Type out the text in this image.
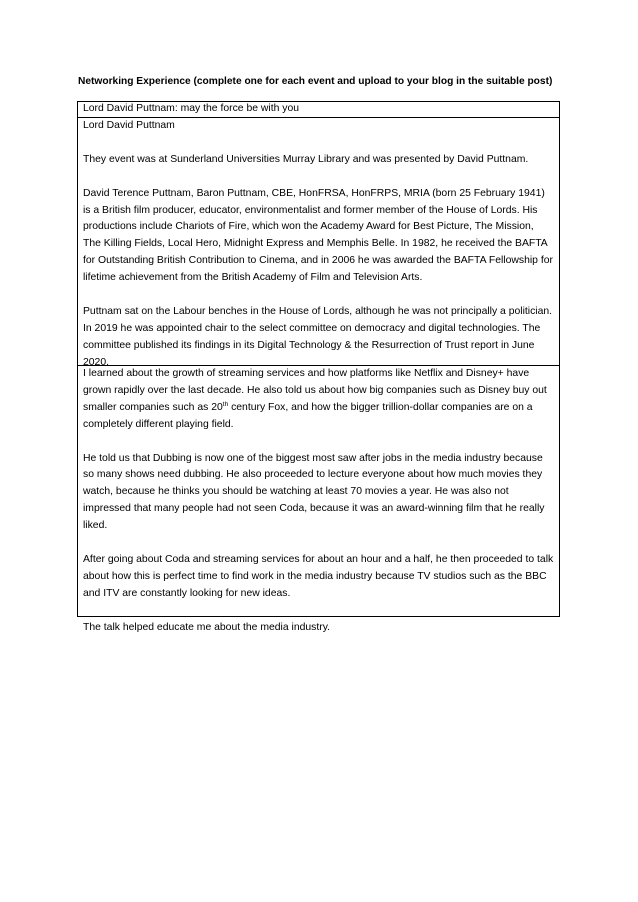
Networking Experience (complete one for each event and upload to your blog in the suitable post)
Lord David Puttnam: may the force be with you

Lord David Puttnam

They event was at Sunderland Universities Murray Library and was presented by David Puttnam.

David Terence Puttnam, Baron Puttnam, CBE, HonFRSA, HonFRPS, MRIA (born 25 February 1941) is a British film producer, educator, environmentalist and former member of the House of Lords. His productions include Chariots of Fire, which won the Academy Award for Best Picture, The Mission, The Killing Fields, Local Hero, Midnight Express and Memphis Belle. In 1982, he received the BAFTA for Outstanding British Contribution to Cinema, and in 2006 he was awarded the BAFTA Fellowship for lifetime achievement from the British Academy of Film and Television Arts.

Puttnam sat on the Labour benches in the House of Lords, although he was not principally a politician. In 2019 he was appointed chair to the select committee on democracy and digital technologies. The committee published its findings in its Digital Technology & the Resurrection of Trust report in June 2020.

I learned about the growth of streaming services and how platforms like Netflix and Disney+ have grown rapidly over the last decade. He also told us about how big companies such as Disney buy out smaller companies such as 20th century Fox, and how the bigger trillion-dollar companies are on a completely different playing field.

He told us that Dubbing is now one of the biggest most saw after jobs in the media industry because so many shows need dubbing. He also proceeded to lecture everyone about how much movies they watch, because he thinks you should be watching at least 70 movies a year. He was also not impressed that many people had not seen Coda, because it was an award-winning film that he really liked.

After going about Coda and streaming services for about an hour and a half, he then proceeded to talk about how this is perfect time to find work in the media industry because TV studios such as the BBC and ITV are constantly looking for new ideas.

The talk helped educate me about the media industry.
